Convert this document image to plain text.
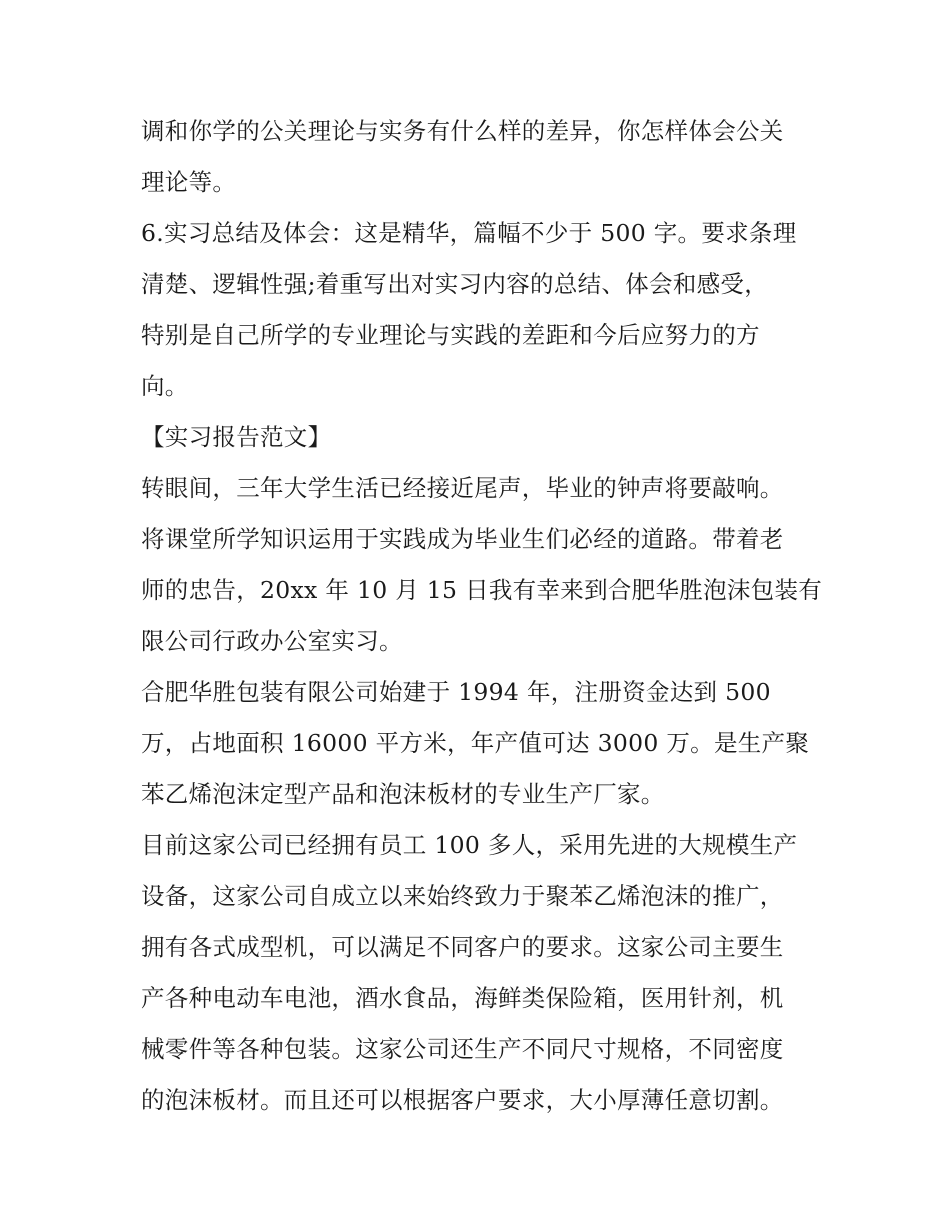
调和你学的公关理论与实务有什么样的差异，你怎样体会公关
理论等。
6.实习总结及体会：这是精华，篇幅不少于 500 字。要求条理
清楚、逻辑性强;着重写出对实习内容的总结、体会和感受，
特别是自己所学的专业理论与实践的差距和今后应努力的方
向。
【实习报告范文】
转眼间，三年大学生活已经接近尾声，毕业的钟声将要敲响。
将课堂所学知识运用于实践成为毕业生们必经的道路。带着老
师的忠告，20xx 年 10 月 15 日我有幸来到合肥华胜泡沫包装有
限公司行政办公室实习。
合肥华胜包装有限公司始建于 1994 年，注册资金达到 500
万，占地面积 16000 平方米，年产值可达 3000 万。是生产聚
苯乙烯泡沫定型产品和泡沫板材的专业生产厂家。
目前这家公司已经拥有员工 100 多人，采用先进的大规模生产
设备，这家公司自成立以来始终致力于聚苯乙烯泡沫的推广，
拥有各式成型机，可以满足不同客户的要求。这家公司主要生
产各种电动车电池，酒水食品，海鲜类保险箱，医用针剂，机
械零件等各种包装。这家公司还生产不同尺寸规格，不同密度
的泡沫板材。而且还可以根据客户要求，大小厚薄任意切割。
